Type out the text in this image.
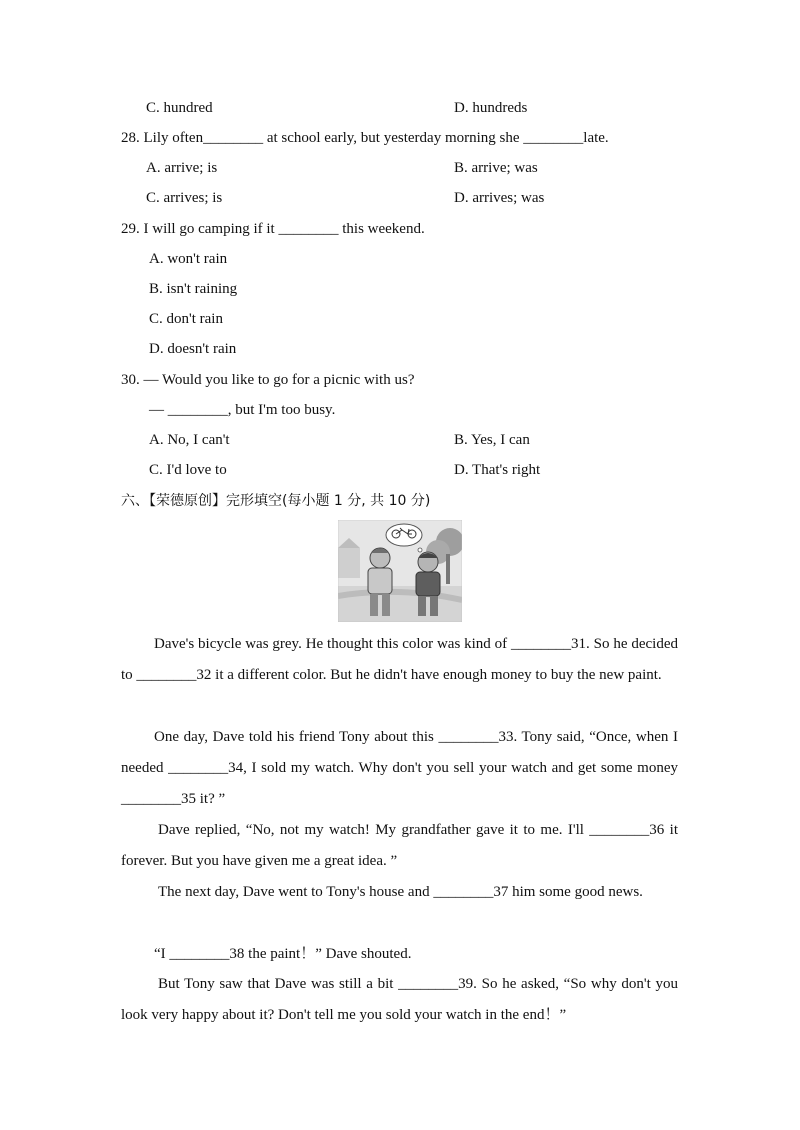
C. hundred	D. hundreds
28. Lily often________ at school early, but yesterday morning she ________late.
A. arrive; is	B. arrive; was
C. arrives; is	D. arrives; was
29. I will go camping if it ________ this weekend.
A. won't rain
B. isn't raining
C. don't rain
D. doesn't rain
30. — Would you like to go for a picnic with us?
— ________, but I'm too busy.
A. No, I can't	B. Yes, I can
C. I'd love to	D. That's right
六、【荣德原创】完形填空(每小题 1 分, 共 10 分)

Dave's bicycle was grey. He thought this color was kind of ________31. So he decided to ________32 it a different color. But he didn't have enough money to buy the new paint.

One day, Dave told his friend Tony about this ________33. Tony said, “Once, when I needed ________34, I sold my watch. Why don't you sell your watch and get some money ________35 it? ”

Dave replied, “No, not my watch! My grandfather gave it to me. I'll ________36 it forever. But you have given me a great idea. ”

The next day, Dave went to Tony's house and ________37 him some good news.

“I ________38 the paint！” Dave shouted.

But Tony saw that Dave was still a bit ________39. So he asked, “So why don't you look very happy about it? Don't tell me you sold your watch in the end！”
